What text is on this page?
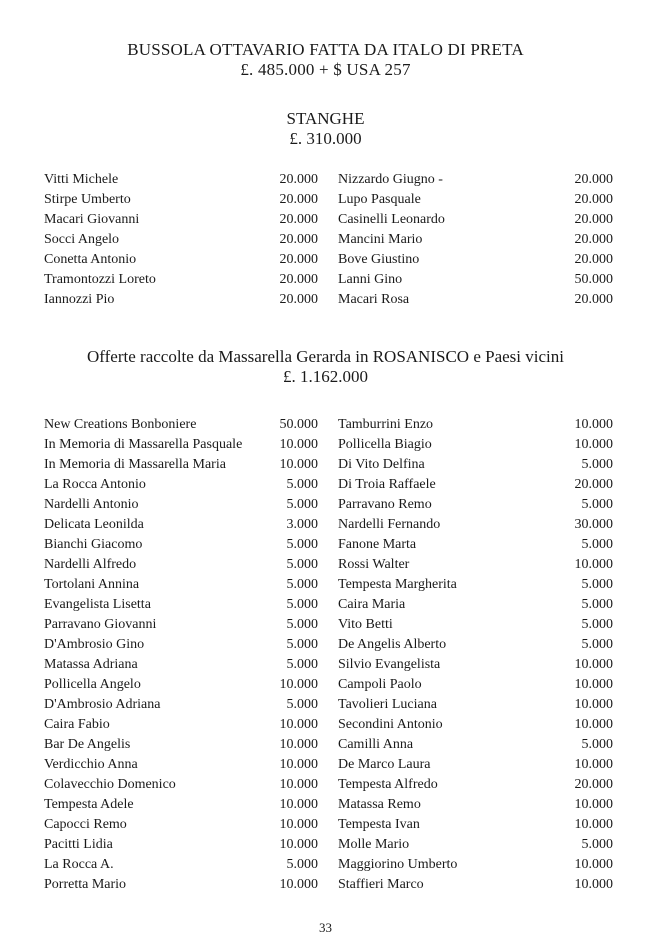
BUSSOLA OTTAVARIO FATTA DA ITALO DI PRETA
£. 485.000 + $ USA 257
STANGHE
£. 310.000
Vitti Michele	20.000
Stirpe Umberto	20.000
Macari Giovanni	20.000
Socci Angelo	20.000
Conetta Antonio	20.000
Tramontozzi Loreto	20.000
Iannozzi Pio	20.000
Nizzardo Giugno -	20.000
Lupo Pasquale	20.000
Casinelli Leonardo	20.000
Mancini Mario	20.000
Bove Giustino	20.000
Lanni Gino	50.000
Macari Rosa	20.000
Offerte raccolte da Massarella Gerarda in ROSANISCO e Paesi vicini
£. 1.162.000
New Creations Bonboniere	50.000
In Memoria di Massarella Pasquale	10.000
In Memoria di Massarella Maria	10.000
La Rocca Antonio	5.000
Nardelli Antonio	5.000
Delicata Leonilda	3.000
Bianchi Giacomo	5.000
Nardelli Alfredo	5.000
Tortolani Annina	5.000
Evangelista Lisetta	5.000
Parravano Giovanni	5.000
D'Ambrosio Gino	5.000
Matassa Adriana	5.000
Pollicella Angelo	10.000
D'Ambrosio Adriana	5.000
Caira Fabio	10.000
Bar De Angelis	10.000
Verdicchio Anna	10.000
Colavecchio Domenico	10.000
Tempesta Adele	10.000
Capocci Remo	10.000
Pacitti Lidia	10.000
La Rocca A.	5.000
Porretta Mario	10.000
Tamburrini Enzo	10.000
Pollicella Biagio	10.000
Di Vito Delfina	5.000
Di Troia Raffaele	20.000
Parravano Remo	5.000
Nardelli Fernando	30.000
Fanone Marta	5.000
Rossi Walter	10.000
Tempesta Margherita	5.000
Caira Maria	5.000
Vito Betti	5.000
De Angelis Alberto	5.000
Silvio Evangelista	10.000
Campoli Paolo	10.000
Tavolieri Luciana	10.000
Secondini Antonio	10.000
Camilli Anna	5.000
De Marco Laura	10.000
Tempesta Alfredo	20.000
Matassa Remo	10.000
Tempesta Ivan	10.000
Molle Mario	5.000
Maggiorino Umberto	10.000
Staffieri Marco	10.000
33
